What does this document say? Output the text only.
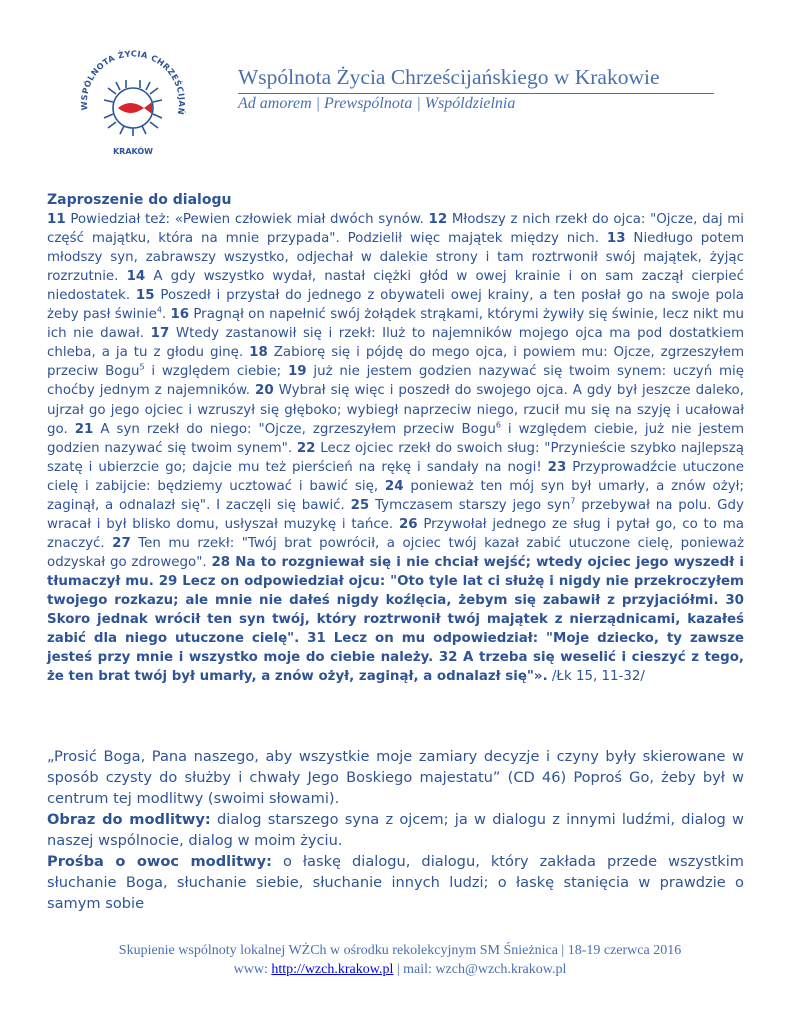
WSPÓLNOTA ŻYCIA CHRZEŚCIJAŃ
KRAKÓW
Wspólnota Życia Chrześcijańskiego w Krakowie
Ad amorem | Prewspólnota | Wspóldzielnia
Zaproszenie do dialogu
11 Powiedział też: «Pewien człowiek miał dwóch synów. 12 Młodszy z nich rzekł do ojca: "Ojcze, daj mi część majątku, która na mnie przypada". Podzielił więc majątek między nich. 13 Niedługo potem młodszy syn, zabrawszy wszystko, odjechał w dalekie strony i tam roztrwonił swój majątek, żyjąc rozrzutnie. 14 A gdy wszystko wydał, nastał ciężki głód w owej krainie i on sam zaczął cierpieć niedostatek. 15 Poszedł i przystał do jednego z obywateli owej krainy, a ten posłał go na swoje pola żeby pasł świnie$^4$. 16 Pragnął on napełnić swój żołądek strąkami, którymi żywiły się świnie, lecz nikt mu ich nie dawał. 17 Wtedy zastanowił się i rzekł: Iluż to najemników mojego ojca ma pod dostatkiem chleba, a ja tu z głodu ginę. 18 Zabiorę się i pójdę do mego ojca, i powiem mu: Ojcze, zgrzeszyłem przeciw Bogu$^5$ i względem ciebie; 19 już nie jestem godzien nazywać się twoim synem: uczyń mię choćby jednym z najemników. 20 Wybrał się więc i poszedł do swojego ojca. A gdy był jeszcze daleko, ujrzał go jego ojciec i wzruszył się głęboko; wybiegł naprzeciw niego, rzucił mu się na szyję i ucałował go. 21 A syn rzekł do niego: "Ojcze, zgrzeszyłem przeciw Bogu$^6$ i względem ciebie, już nie jestem godzien nazywać się twoim synem". 22 Lecz ojciec rzekł do swoich sług: "Przynieście szybko najlepszą szatę i ubierzcie go; dajcie mu też pierścień na rękę i sandały na nogi! 23 Przyprowadźcie utuczone cielę i zabijcie: będziemy ucztować i bawić się, 24 ponieważ ten mój syn był umarły, a znów ożył; zaginął, a odnalazł się". I zaczęli się bawić. 25 Tymczasem starszy jego syn$^7$ przebywał na polu. Gdy wracał i był blisko domu, usłyszał muzykę i tańce. 26 Przywołał jednego ze sług i pytał go, co to ma znaczyć. 27 Ten mu rzekł: "Twój brat powrócił, a ojciec twój kazał zabić utuczone cielę, ponieważ odzyskał go zdrowego". 28 Na to rozgniewał się i nie chciał wejść; wtedy ojciec jego wyszedł i tłumaczył mu. 29 Lecz on odpowiedział ojcu: "Oto tyle lat ci służę i nigdy nie przekroczyłem twojego rozkazu; ale mnie nie dałeś nigdy koźlęcia, żebym się zabawił z przyjaciółmi. 30 Skoro jednak wrócił ten syn twój, który roztrwonił twój majątek z nierządnicami, kazałeś zabić dla niego utuczone cielę". 31 Lecz on mu odpowiedział: "Moje dziecko, ty zawsze jesteś przy mnie i wszystko moje do ciebie należy. 32 A trzeba się weselić i cieszyć z tego, że ten brat twój był umarły, a znów ożył, zaginął, a odnalazł się"». /Łk 15, 11-32/

„Prosić Boga, Pana naszego, aby wszystkie moje zamiary decyzje i czyny były skierowane w sposób czysty do służby i chwały Jego Boskiego majestatu” (CD 46) Poproś Go, żeby był w centrum tej modlitwy (swoimi słowami).

Obraz do modlitwy: dialog starszego syna z ojcem; ja w dialogu z innymi ludźmi, dialog w naszej wspólnocie, dialog w moim życiu.

Prośba o owoc modlitwy: o łaskę dialogu, dialogu, który zakłada przede wszystkim słuchanie Boga, słuchanie siebie, słuchanie innych ludzi; o łaskę stanięcia w prawdzie o samym sobie

Skupienie wspólnoty lokalnej WŻCh w ośrodku rekolekcyjnym SM Śnieżnica | 18-19 czerwca 2016
www: http://wzch.krakow.pl | mail: wzch@wzch.krakow.pl
